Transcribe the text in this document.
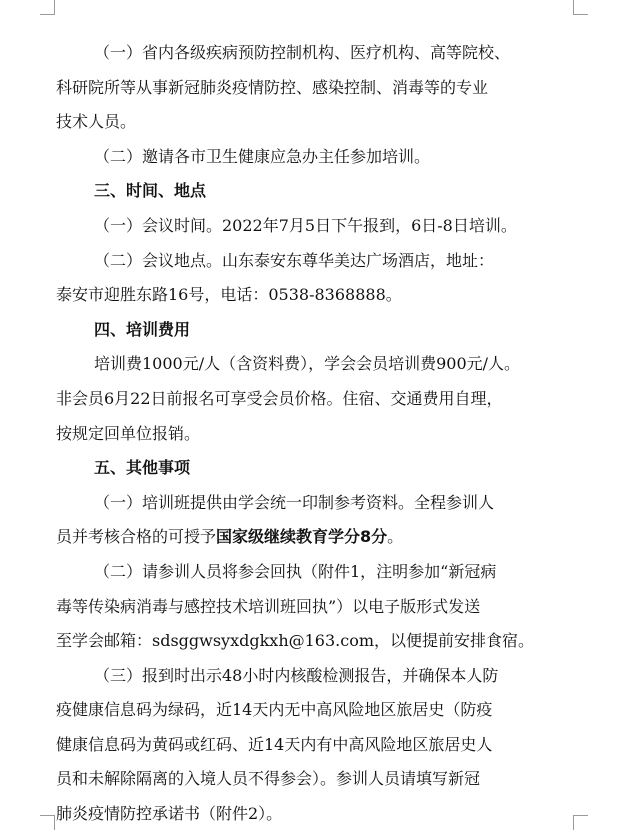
（一）省内各级疾病预防控制机构、医疗机构、高等院校、
科研院所等从事新冠肺炎疫情防控、感染控制、消毒等的专业
技术人员。
（二）邀请各市卫生健康应急办主任参加培训。
三、时间、地点
（一）会议时间。2022年7月5日下午报到，6日-8日培训。
（二）会议地点。山东泰安东尊华美达广场酒店，地址：
泰安市迎胜东路16号，电话：0538-8368888。
四、培训费用
培训费1000元/人（含资料费），学会会员培训费900元/人。
非会员6月22日前报名可享受会员价格。住宿、交通费用自理，
按规定回单位报销。
五、其他事项
（一）培训班提供由学会统一印制参考资料。全程参训人
员并考核合格的可授予国家级继续教育学分8分。
（二）请参训人员将参会回执（附件1，注明参加“新冠病
毒等传染病消毒与感控技术培训班回执”）以电子版形式发送
至学会邮箱：sdsggwsyxdgkxh@163.com，以便提前安排食宿。
（三）报到时出示48小时内核酸检测报告，并确保本人防
疫健康信息码为绿码，近14天内无中高风险地区旅居史（防疫
健康信息码为黄码或红码、近14天内有中高风险地区旅居史人
员和未解除隔离的入境人员不得参会）。参训人员请填写新冠
肺炎疫情防控承诺书（附件2）。
